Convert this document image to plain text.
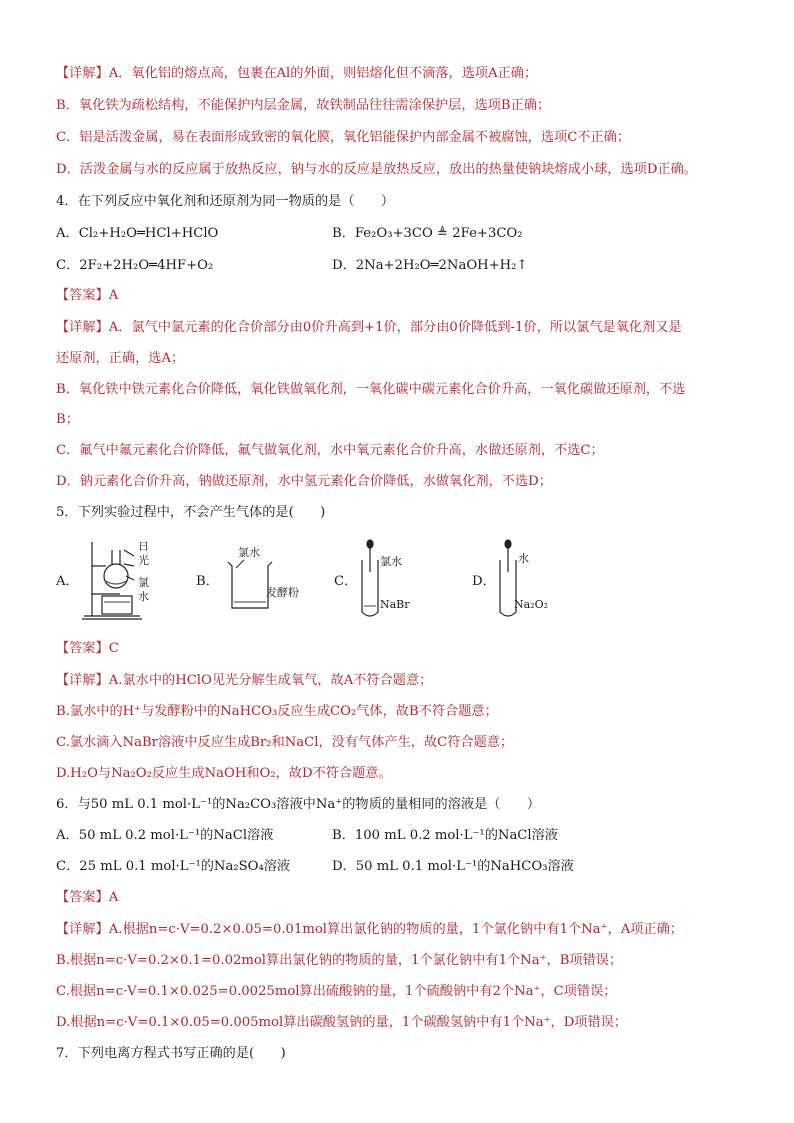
【详解】A．氧化铝的熔点高，包裹在Al的外面，则铝熔化但不滴落，选项A正确；
B．氧化铁为疏松结构，不能保护内层金属，故铁制品往往需涂保护层，选项B正确；
C．铝是活泼金属，易在表面形成致密的氧化膜，氧化铝能保护内部金属不被腐蚀，选项C不正确；
D．活泼金属与水的反应属于放热反应，钠与水的反应是放热反应，放出的热量使钠块熔成小球，选项D正确。
4．在下列反应中氧化剂和还原剂为同一物质的是（　　）
A．Cl₂+H₂O═HCl+HClO	B．Fe₂O₃+3CO ≜ 2Fe+3CO₂
C．2F₂+2H₂O═4HF+O₂	D．2Na+2H₂O═2NaOH+H₂↑
【答案】A
【详解】A．氯气中氯元素的化合价部分由0价升高到+1价，部分由0价降低到-1价，所以氯气是氧化剂又是
还原剂，正确，选A；
B．氧化铁中铁元素化合价降低，氧化铁做氧化剂，一氧化碳中碳元素化合价升高，一氧化碳做还原剂，不选
B；
C．氟气中氟元素化合价降低，氟气做氧化剂，水中氧元素化合价升高，水做还原剂，不选C；
D．钠元素化合价升高，钠做还原剂，水中氢元素化合价降低，水做氧化剂，不选D；
5．下列实验过程中，不会产生气体的是(　　)
A．
日
光
氯
水
B．
氯水
发酵粉
C．
氯水
NaBr
D．
水
Na₂O₂
【答案】C
【详解】A.氯水中的HClO见光分解生成氧气，故A不符合题意；
B.氯水中的H⁺与发酵粉中的NaHCO₃反应生成CO₂气体，故B不符合题意；
C.氯水滴入NaBr溶液中反应生成Br₂和NaCl，没有气体产生，故C符合题意；
D.H₂O与Na₂O₂反应生成NaOH和O₂，故D不符合题意。
6．与50 mL 0.1 mol·L⁻¹的Na₂CO₃溶液中Na⁺的物质的量相同的溶液是（　　）
A．50 mL 0.2 mol·L⁻¹的NaCl溶液	B．100 mL 0.2 mol·L⁻¹的NaCl溶液
C．25 mL 0.1 mol·L⁻¹的Na₂SO₄溶液	D．50 mL 0.1 mol·L⁻¹的NaHCO₃溶液
【答案】A
【详解】A.根据n=c·V=0.2×0.05=0.01mol算出氯化钠的物质的量，1个氯化钠中有1个Na⁺，A项正确；
B.根据n=c·V=0.2×0.1=0.02mol算出氯化钠的物质的量，1个氯化钠中有1个Na⁺，B项错误；
C.根据n=c·V=0.1×0.025=0.0025mol算出硫酸钠的量，1个硫酸钠中有2个Na⁺，C项错误；
D.根据n=c·V=0.1×0.05=0.005mol算出碳酸氢钠的量，1个碳酸氢钠中有1个Na⁺，D项错误；
7．下列电离方程式书写正确的是(　　)
